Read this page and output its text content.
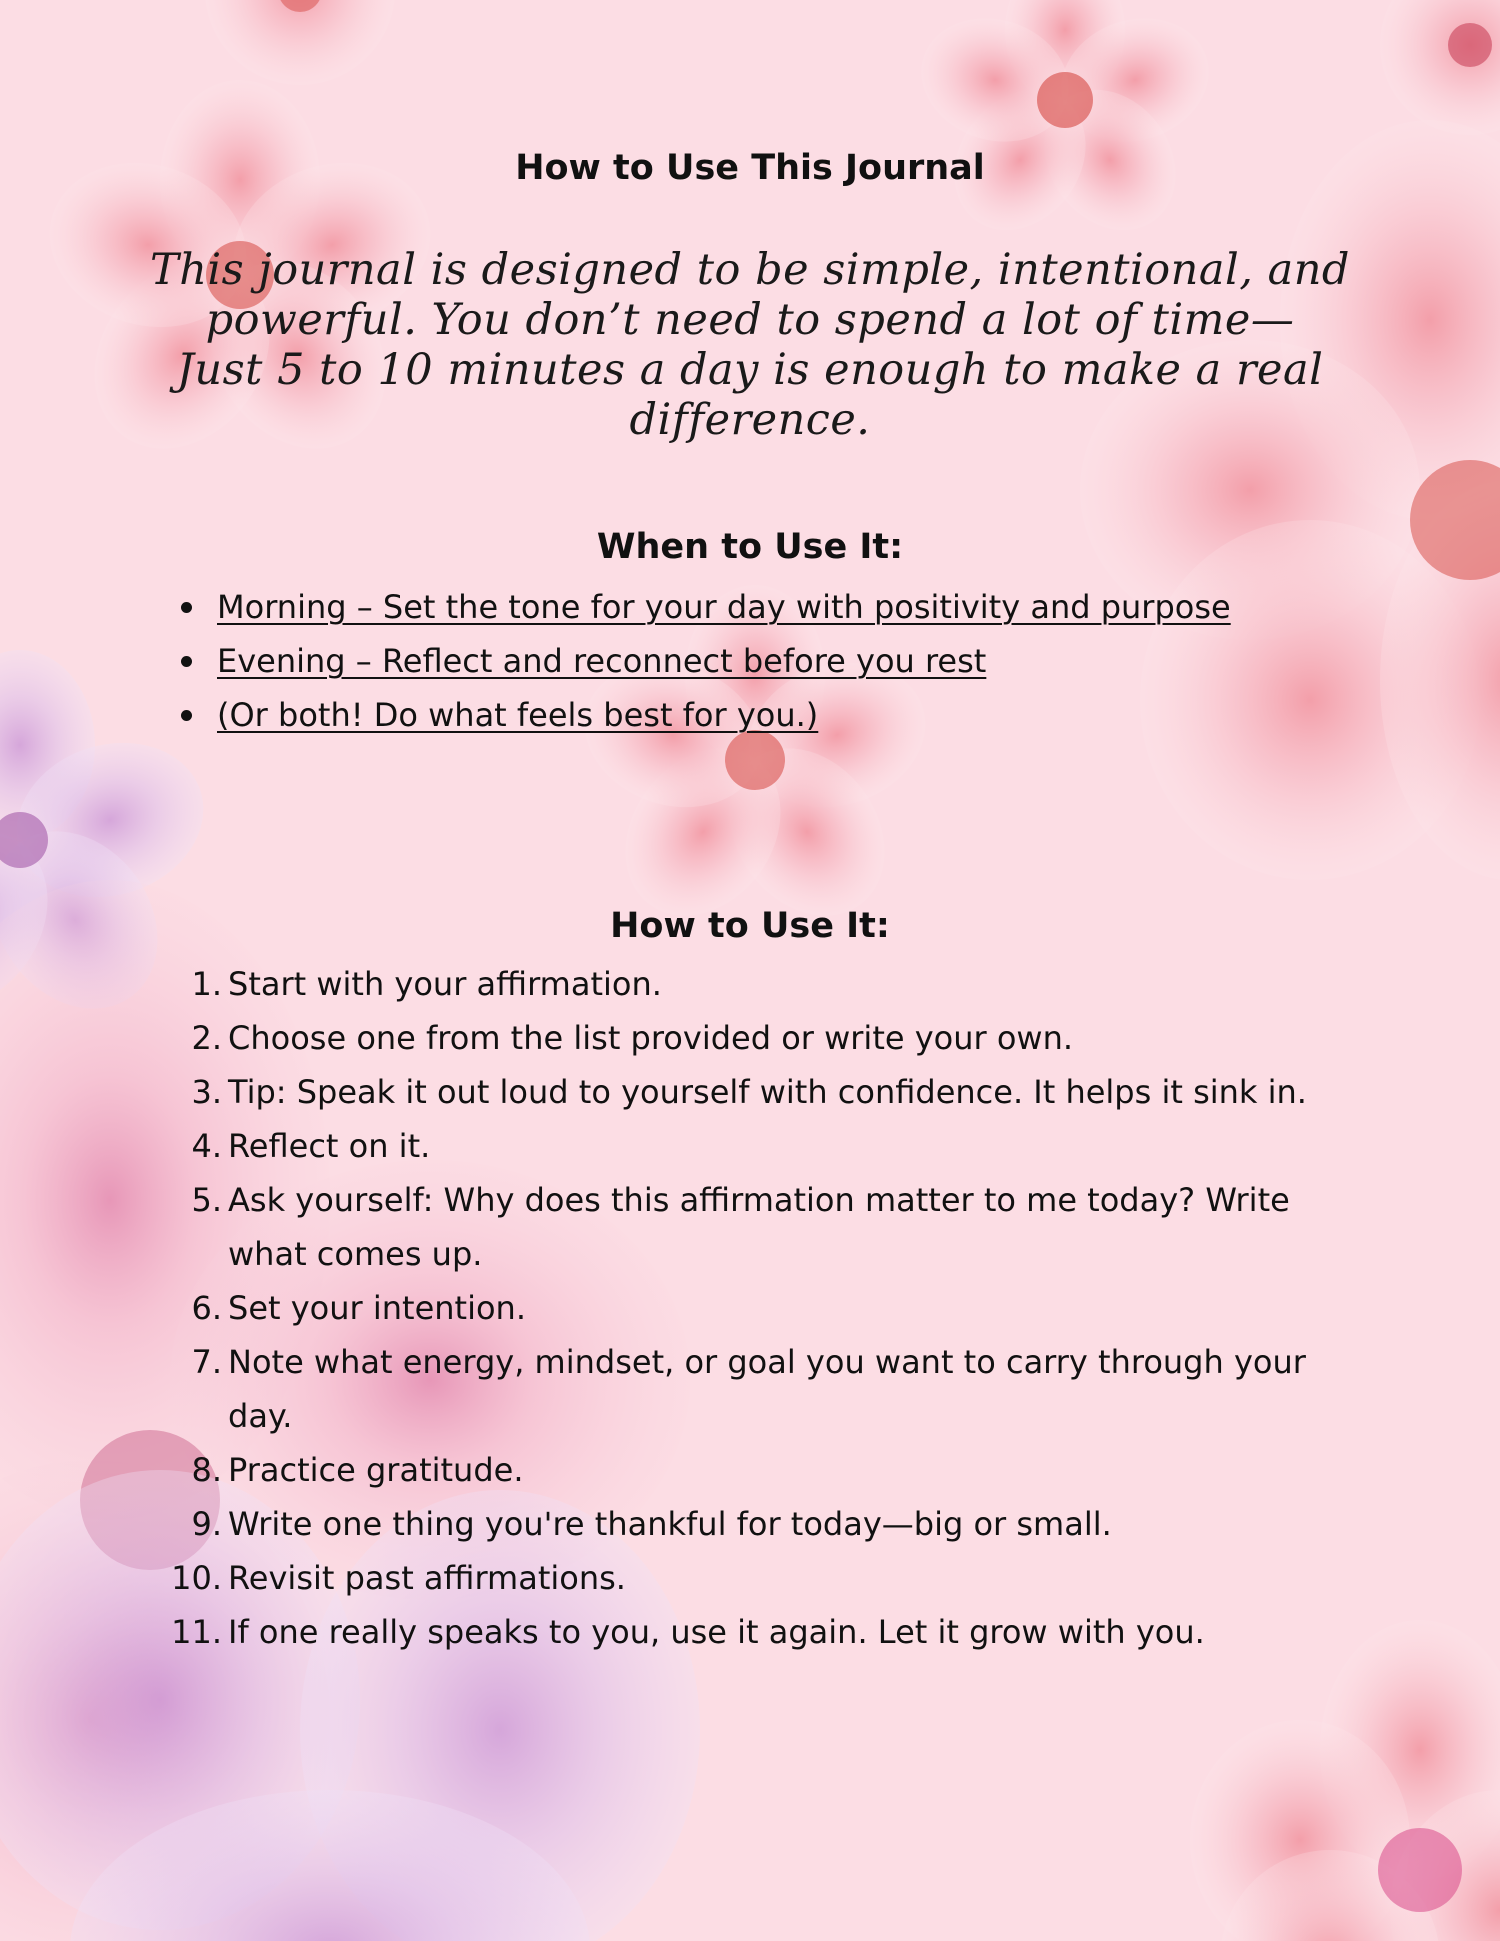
How to Use This Journal
This journal is designed to be simple, intentional, and
powerful. You don’t need to spend a lot of time—
Just 5 to 10 minutes a day is enough to make a real difference.
When to Use It:
Morning – Set the tone for your day with positivity and purpose
Evening – Reflect and reconnect before you rest
(Or both! Do what feels best for you.)
How to Use It:
1. Start with your affirmation.
2. Choose one from the list provided or write your own.
3. Tip: Speak it out loud to yourself with confidence. It helps it sink in.
4. Reflect on it.
5. Ask yourself: Why does this affirmation matter to me today? Write what comes up.
6. Set your intention.
7. Note what energy, mindset, or goal you want to carry through your day.
8. Practice gratitude.
9. Write one thing you're thankful for today—big or small.
10. Revisit past affirmations.
11. If one really speaks to you, use it again. Let it grow with you.
